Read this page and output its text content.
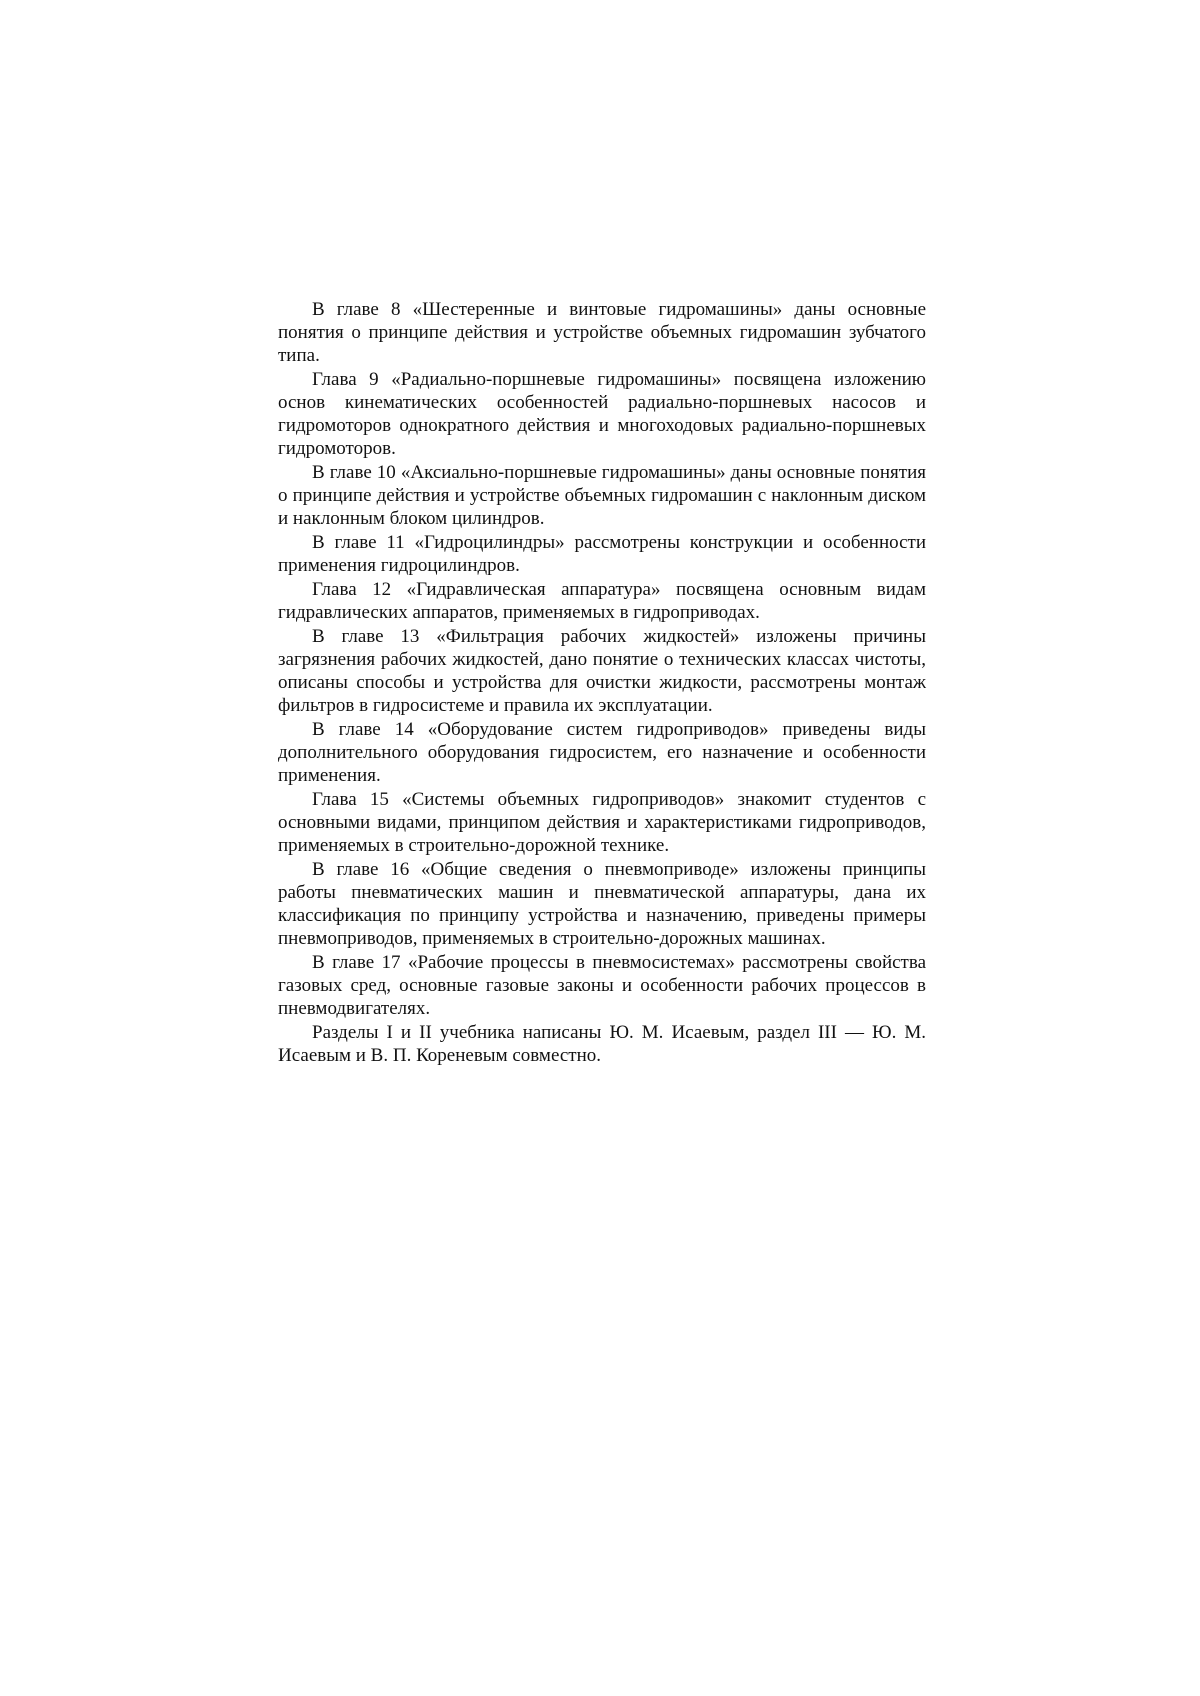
В главе 8 «Шестеренные и винтовые гидромашины» даны основные понятия о принципе действия и устройстве объемных гидромашин зубчатого типа.

Глава 9 «Радиально-поршневые гидромашины» посвящена изложению основ кинематических особенностей радиально-поршневых насосов и гидромоторов однократного действия и многоходовых радиально-поршневых гидромоторов.

В главе 10 «Аксиально-поршневые гидромашины» даны основные понятия о принципе действия и устройстве объемных гидромашин с наклонным диском и наклонным блоком цилиндров.

В главе 11 «Гидроцилиндры» рассмотрены конструкции и особенности применения гидроцилиндров.

Глава 12 «Гидравлическая аппаратура» посвящена основным видам гидравлических аппаратов, применяемых в гидроприводах.

В главе 13 «Фильтрация рабочих жидкостей» изложены причины загрязнения рабочих жидкостей, дано понятие о технических классах чистоты, описаны способы и устройства для очистки жидкости, рассмотрены монтаж фильтров в гидросистеме и правила их эксплуатации.

В главе 14 «Оборудование систем гидроприводов» приведены виды дополнительного оборудования гидросистем, его назначение и особенности применения.

Глава 15 «Системы объемных гидроприводов» знакомит студентов с основными видами, принципом действия и характеристиками гидроприводов, применяемых в строительно-дорожной технике.

В главе 16 «Общие сведения о пневмоприводе» изложены принципы работы пневматических машин и пневматической аппаратуры, дана их классификация по принципу устройства и назначению, приведены примеры пневмоприводов, применяемых в строительно-дорожных машинах.

В главе 17 «Рабочие процессы в пневмосистемах» рассмотрены свойства газовых сред, основные газовые законы и особенности рабочих процессов в пневмодвигателях.

Разделы I и II учебника написаны Ю. М. Исаевым, раздел III — Ю. М. Исаевым и В. П. Кореневым совместно.
